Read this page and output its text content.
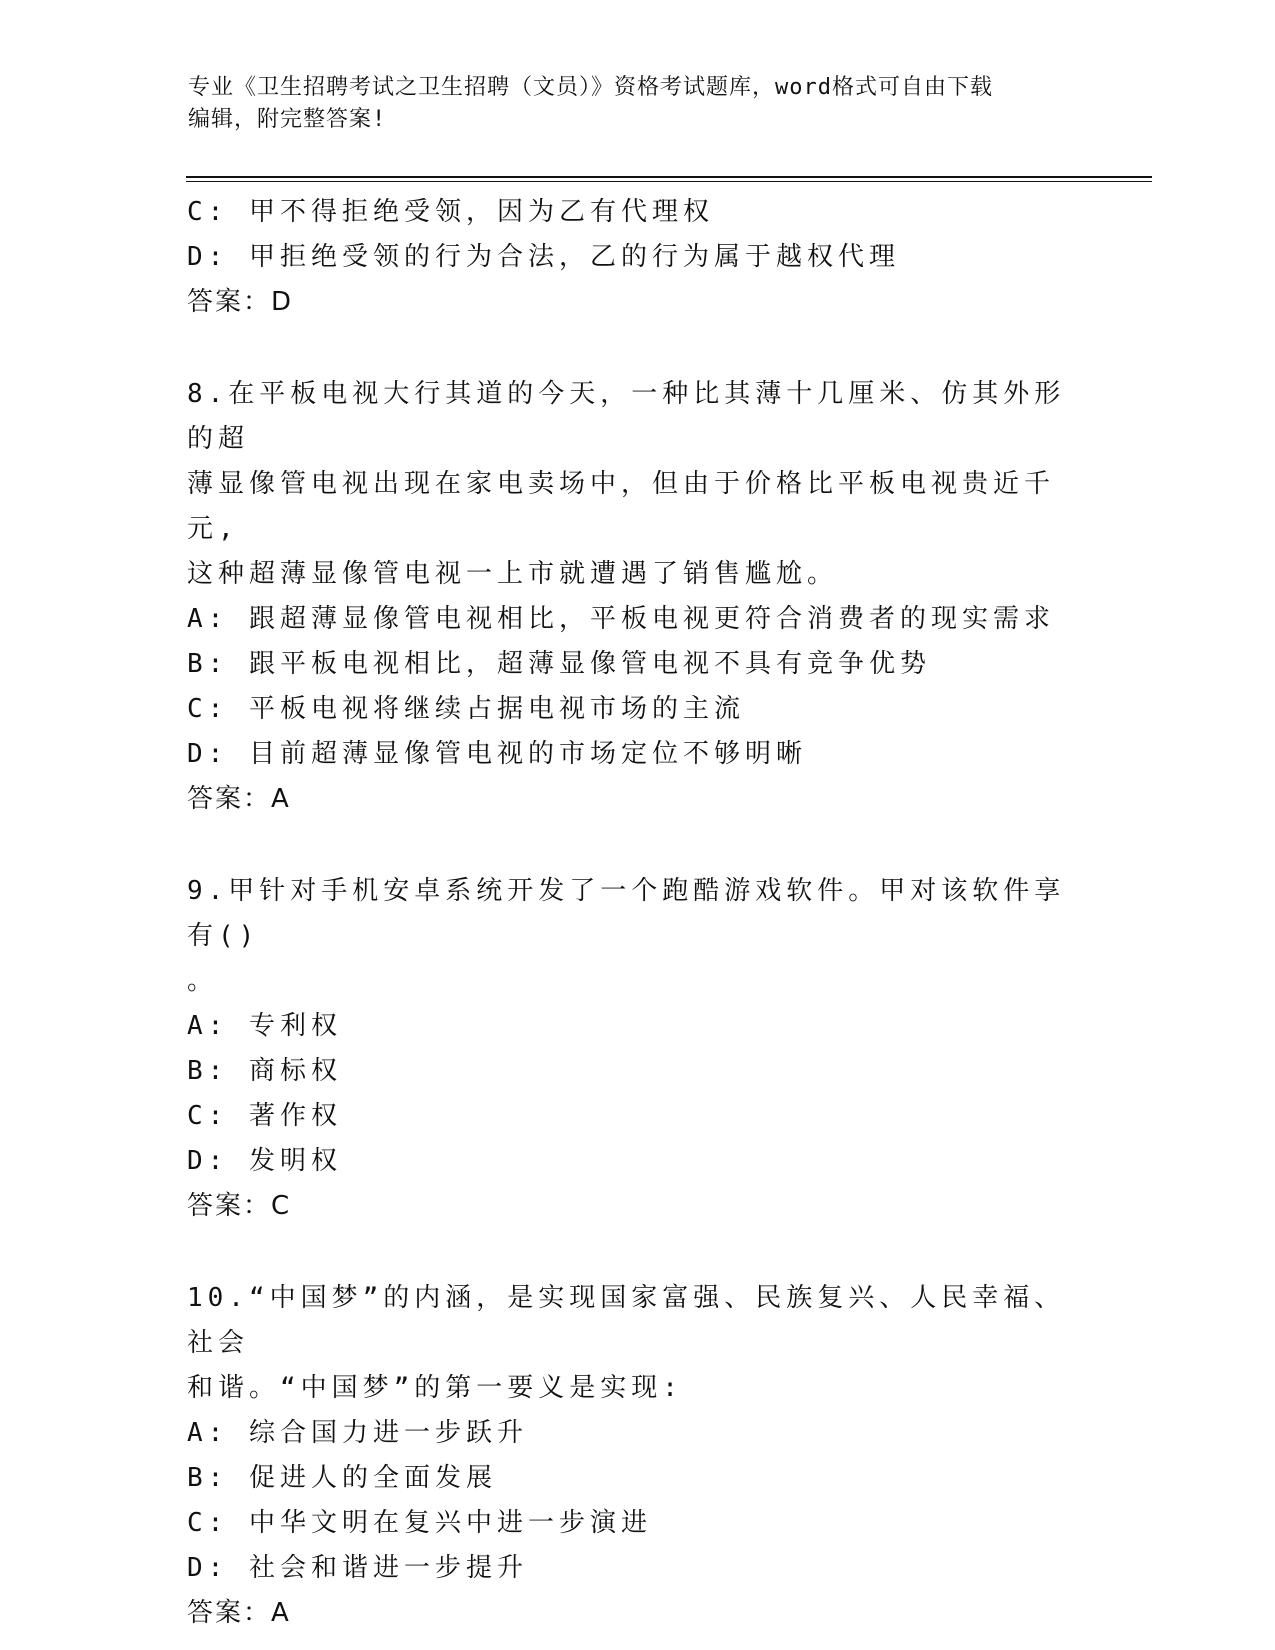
专业《卫生招聘考试之卫生招聘（文员）》资格考试题库，word格式可自由下载
编辑，附完整答案!
C: 甲不得拒绝受领，因为乙有代理权
D: 甲拒绝受领的行为合法，乙的行为属于越权代理
答案：D
8.在平板电视大行其道的今天，一种比其薄十几厘米、仿其外形的超
薄显像管电视出现在家电卖场中，但由于价格比平板电视贵近千元,
这种超薄显像管电视一上市就遭遇了销售尴尬。
A: 跟超薄显像管电视相比，平板电视更符合消费者的现实需求
B: 跟平板电视相比，超薄显像管电视不具有竞争优势
C: 平板电视将继续占据电视市场的主流
D: 目前超薄显像管电视的市场定位不够明晰
答案：A
9.甲针对手机安卓系统开发了一个跑酷游戏软件。甲对该软件享有()
。
A: 专利权
B: 商标权
C: 著作权
D: 发明权
答案：C
10.“中国梦”的内涵，是实现国家富强、民族复兴、人民幸福、社会
和谐。“中国梦”的第一要义是实现:
A: 综合国力进一步跃升
B: 促进人的全面发展
C: 中华文明在复兴中进一步演进
D: 社会和谐进一步提升
答案：A
